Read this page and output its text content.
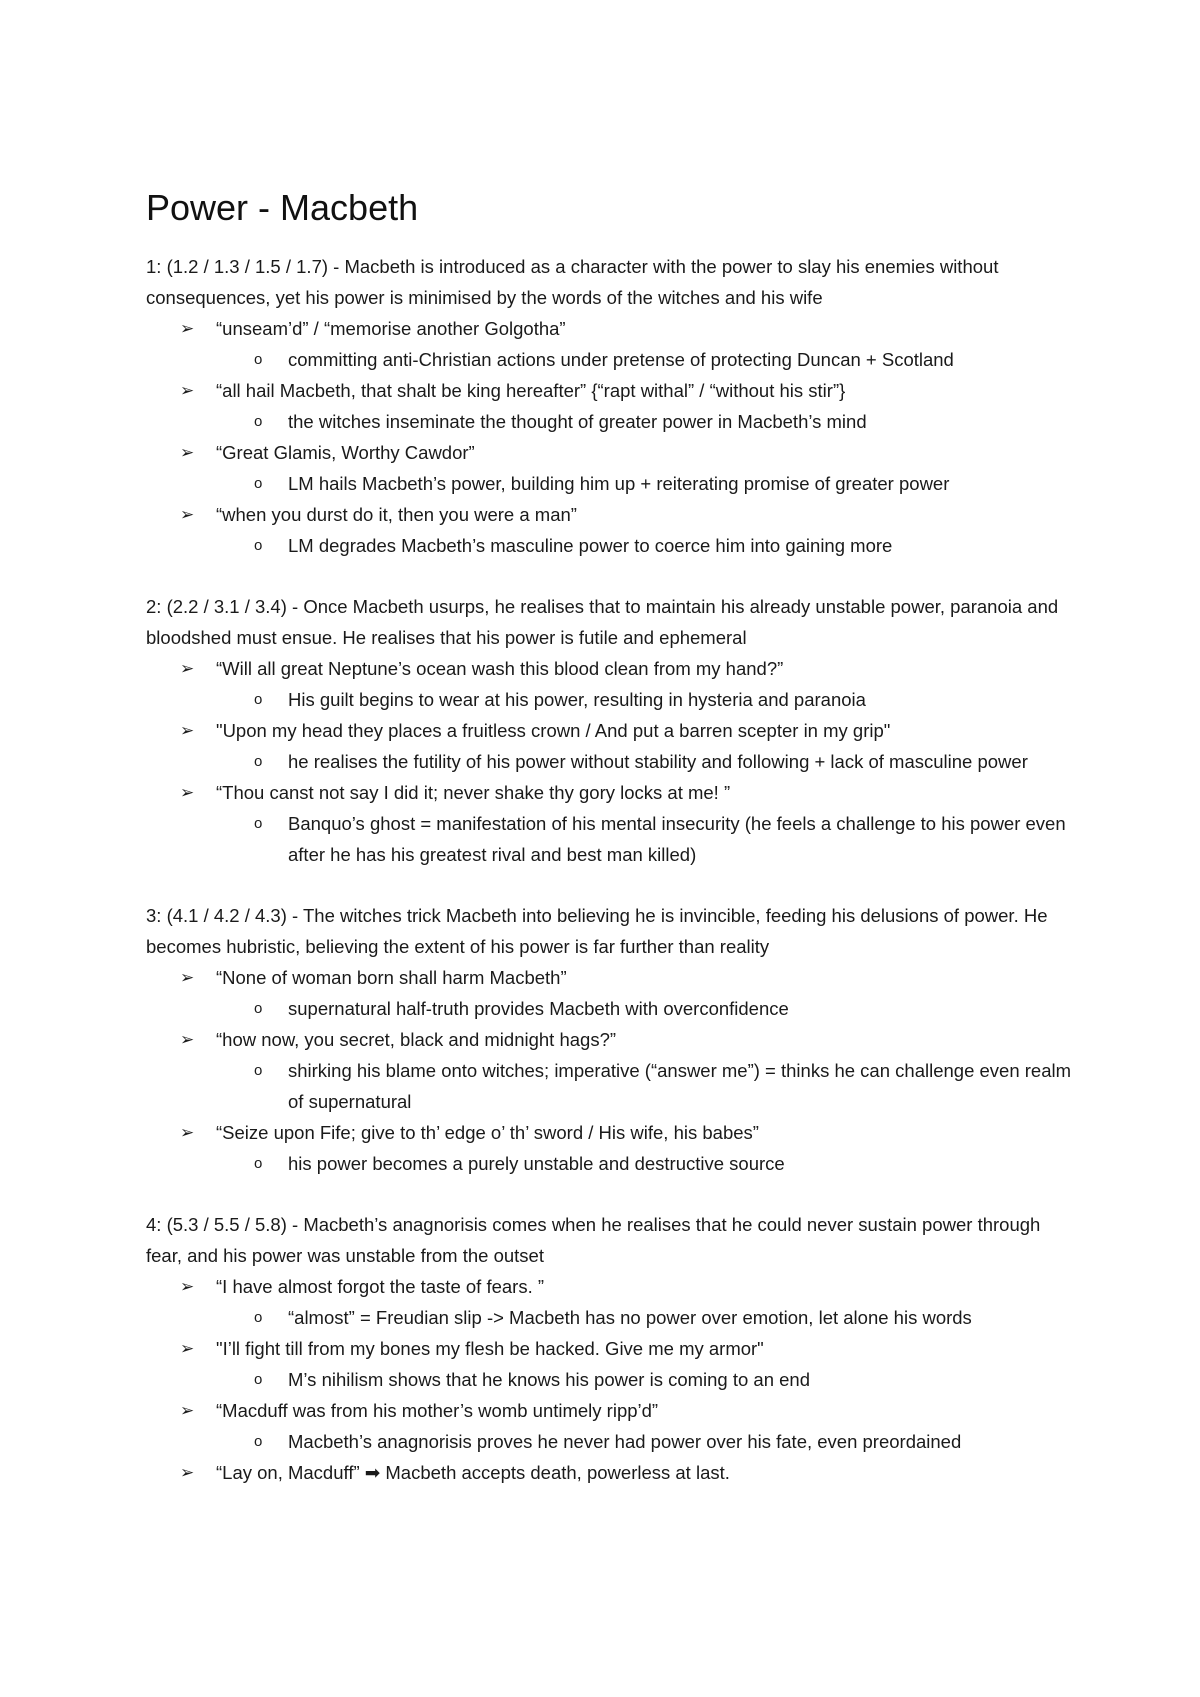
Power - Macbeth

1: (1.2 / 1.3 / 1.5 / 1.7) - Macbeth is introduced as a character with the power to slay his enemies without consequences, yet his power is minimised by the words of the witches and his wife

➢	“unseam’d” / “memorise another Golgotha”
o	committing anti-Christian actions under pretense of protecting Duncan + Scotland
➢	“all hail Macbeth, that shalt be king hereafter” {“rapt withal” / “without his stir”}
o	the witches inseminate the thought of greater power in Macbeth’s mind
➢	“Great Glamis, Worthy Cawdor”
o	LM hails Macbeth’s power, building him up + reiterating promise of greater power
➢	“when you durst do it, then you were a man”
o	LM degrades Macbeth’s masculine power to coerce him into gaining more

2: (2.2 / 3.1 / 3.4) - Once Macbeth usurps, he realises that to maintain his already unstable power, paranoia and bloodshed must ensue. He realises that his power is futile and ephemeral

➢	“Will all great Neptune’s ocean wash this blood clean from my hand?”
o	His guilt begins to wear at his power, resulting in hysteria and paranoia
➢	"Upon my head they places a fruitless crown / And put a barren scepter in my grip"
o	he realises the futility of his power without stability and following + lack of masculine power
➢	“Thou canst not say I did it; never shake thy gory locks at me! ”
o	Banquo’s ghost = manifestation of his mental insecurity (he feels a challenge to his power even after he has his greatest rival and best man killed)

3: (4.1 / 4.2 / 4.3) - The witches trick Macbeth into believing he is invincible, feeding his delusions of power. He becomes hubristic, believing the extent of his power is far further than reality

➢	“None of woman born shall harm Macbeth”
o	supernatural half-truth provides Macbeth with overconfidence
➢	“how now, you secret, black and midnight hags?”
o	shirking his blame onto witches; imperative (“answer me”) = thinks he can challenge even realm of supernatural
➢	“Seize upon Fife; give to th’ edge o’ th’ sword / His wife, his babes”
o	his power becomes a purely unstable and destructive source

4: (5.3 / 5.5 / 5.8) - Macbeth’s anagnorisis comes when he realises that he could never sustain power through fear, and his power was unstable from the outset

➢	“I have almost forgot the taste of fears. ”
o	“almost” = Freudian slip -> Macbeth has no power over emotion, let alone his words
➢	"I’ll fight till from my bones my flesh be hacked. Give me my armor"
o	M’s nihilism shows that he knows his power is coming to an end
➢	“Macduff was from his mother’s womb untimely ripp’d”
o	Macbeth’s anagnorisis proves he never had power over his fate, even preordained
➢	“Lay on, Macduff” ➡ Macbeth accepts death, powerless at last.
